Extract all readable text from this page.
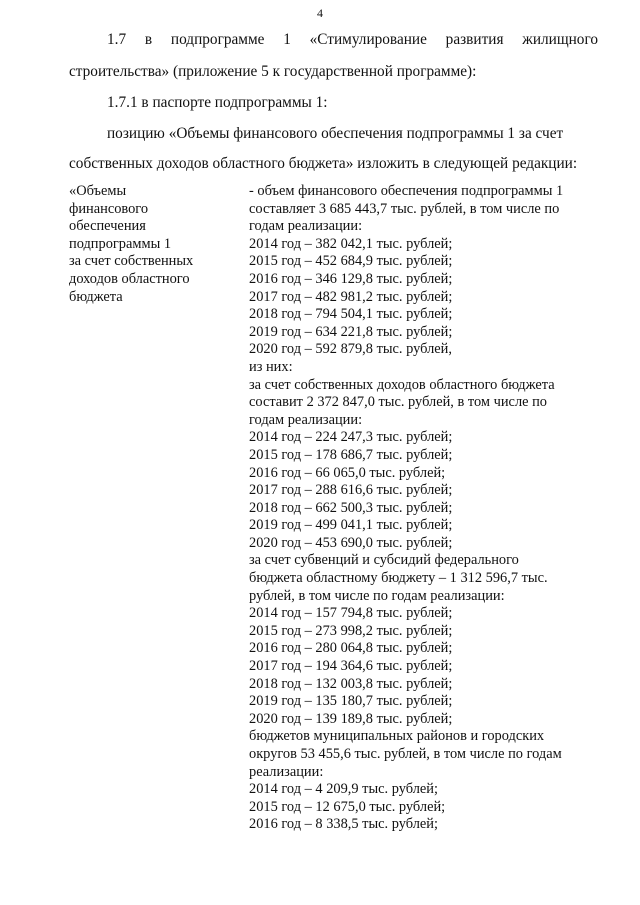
4
1.7 в подпрограмме 1 «Стимулирование развития жилищного
строительства» (приложение 5 к государственной программе):
1.7.1 в паспорте подпрограммы 1:
позицию «Объемы финансового обеспечения подпрограммы 1 за счет
собственных доходов областного бюджета» изложить в следующей редакции:
«Объемы
финансового
обеспечения
подпрограммы 1
за счет собственных
доходов областного
бюджета
- объем финансового обеспечения подпрограммы 1
составляет 3 685 443,7 тыс. рублей, в том числе по
годам реализации:
2014 год – 382 042,1 тыс. рублей;
2015 год – 452 684,9 тыс. рублей;
2016 год – 346 129,8 тыс. рублей;
2017 год – 482 981,2 тыс. рублей;
2018 год – 794 504,1 тыс. рублей;
2019 год – 634 221,8 тыс. рублей;
2020 год – 592 879,8 тыс. рублей,
из них:
за счет собственных доходов областного бюджета
составит 2 372 847,0 тыс. рублей, в том числе по
годам реализации:
2014 год – 224 247,3 тыс. рублей;
2015 год – 178 686,7 тыс. рублей;
2016 год – 66 065,0 тыс. рублей;
2017 год – 288 616,6 тыс. рублей;
2018 год – 662 500,3 тыс. рублей;
2019 год – 499 041,1 тыс. рублей;
2020 год – 453 690,0 тыс. рублей;
за счет субвенций и субсидий федерального
бюджета областному бюджету – 1 312 596,7 тыс.
рублей, в том числе по годам реализации:
2014 год – 157 794,8 тыс. рублей;
2015 год – 273 998,2 тыс. рублей;
2016 год – 280 064,8 тыс. рублей;
2017 год – 194 364,6 тыс. рублей;
2018 год – 132 003,8 тыс. рублей;
2019 год – 135 180,7 тыс. рублей;
2020 год – 139 189,8 тыс. рублей;
бюджетов муниципальных районов и городских
округов 53 455,6 тыс. рублей, в том числе по годам
реализации:
2014 год – 4 209,9 тыс. рублей;
2015 год – 12 675,0 тыс. рублей;
2016 год – 8 338,5 тыс. рублей;
